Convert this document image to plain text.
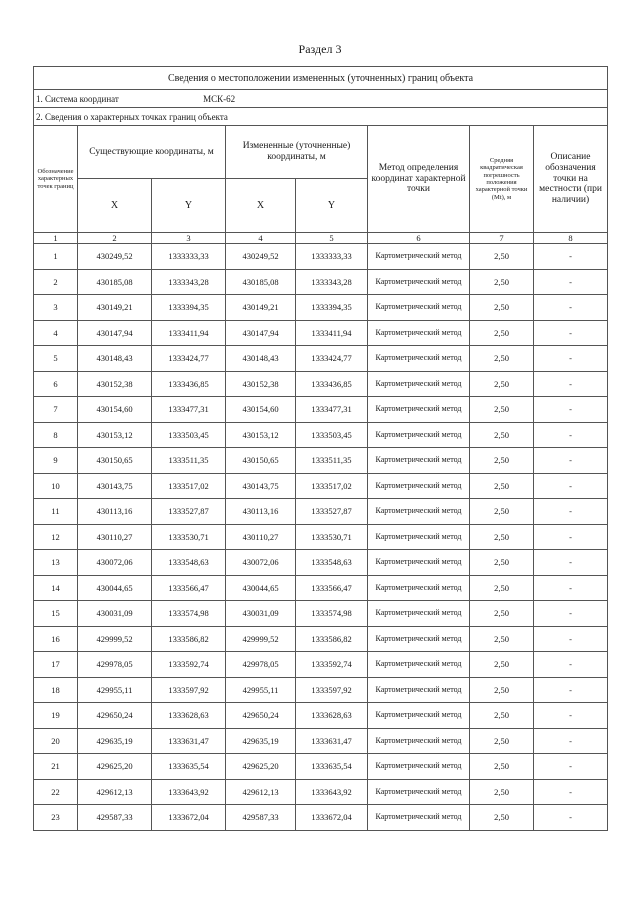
Раздел 3
Сведения о местоположении измененных (уточненных) границ объекта							
1. Система координат МСК-62							
2. Сведения о характерных точках границ объекта							
Обозначение характерных точек границ	Существующие координаты, м		Измененные (уточненные) координаты, м		Метод определения координат характерной точки	Средняя квадратическая погрешность положения характерной точки (Мt), м	Описание обозначения точки на местности (при наличии)
	X	Y	X	Y			
1	2	3	4	5	6	7	8
1	430249,52	1333333,33	430249,52	1333333,33	Картометрический метод	2,50	-
2	430185,08	1333343,28	430185,08	1333343,28	Картометрический метод	2,50	-
3	430149,21	1333394,35	430149,21	1333394,35	Картометрический метод	2,50	-
4	430147,94	1333411,94	430147,94	1333411,94	Картометрический метод	2,50	-
5	430148,43	1333424,77	430148,43	1333424,77	Картометрический метод	2,50	-
6	430152,38	1333436,85	430152,38	1333436,85	Картометрический метод	2,50	-
7	430154,60	1333477,31	430154,60	1333477,31	Картометрический метод	2,50	-
8	430153,12	1333503,45	430153,12	1333503,45	Картометрический метод	2,50	-
9	430150,65	1333511,35	430150,65	1333511,35	Картометрический метод	2,50	-
10	430143,75	1333517,02	430143,75	1333517,02	Картометрический метод	2,50	-
11	430113,16	1333527,87	430113,16	1333527,87	Картометрический метод	2,50	-
12	430110,27	1333530,71	430110,27	1333530,71	Картометрический метод	2,50	-
13	430072,06	1333548,63	430072,06	1333548,63	Картометрический метод	2,50	-
14	430044,65	1333566,47	430044,65	1333566,47	Картометрический метод	2,50	-
15	430031,09	1333574,98	430031,09	1333574,98	Картометрический метод	2,50	-
16	429999,52	1333586,82	429999,52	1333586,82	Картометрический метод	2,50	-
17	429978,05	1333592,74	429978,05	1333592,74	Картометрический метод	2,50	-
18	429955,11	1333597,92	429955,11	1333597,92	Картометрический метод	2,50	-
19	429650,24	1333628,63	429650,24	1333628,63	Картометрический метод	2,50	-
20	429635,19	1333631,47	429635,19	1333631,47	Картометрический метод	2,50	-
21	429625,20	1333635,54	429625,20	1333635,54	Картометрический метод	2,50	-
22	429612,13	1333643,92	429612,13	1333643,92	Картометрический метод	2,50	-
23	429587,33	1333672,04	429587,33	1333672,04	Картометрический метод	2,50	-
